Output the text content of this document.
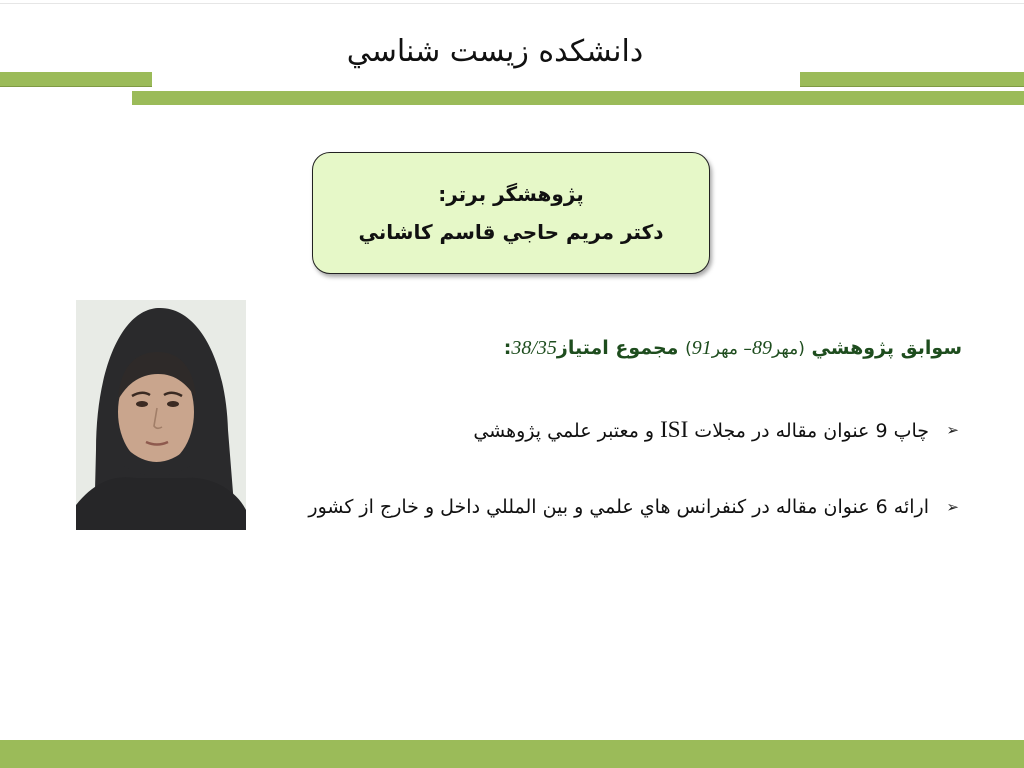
دانشکده زيست شناسي
پژوهشگر برتر:
دکتر مريم حاجي قاسم کاشاني
سوابق پژوهشي (مهر89– مهر91) مجموع امتياز38/35:
➢
چاپ 9 عنوان مقاله در مجلات ISI و معتبر علمي پژوهشي
➢
ارائه 6 عنوان مقاله در کنفرانس هاي علمي و بين المللي داخل و خارج از کشور
